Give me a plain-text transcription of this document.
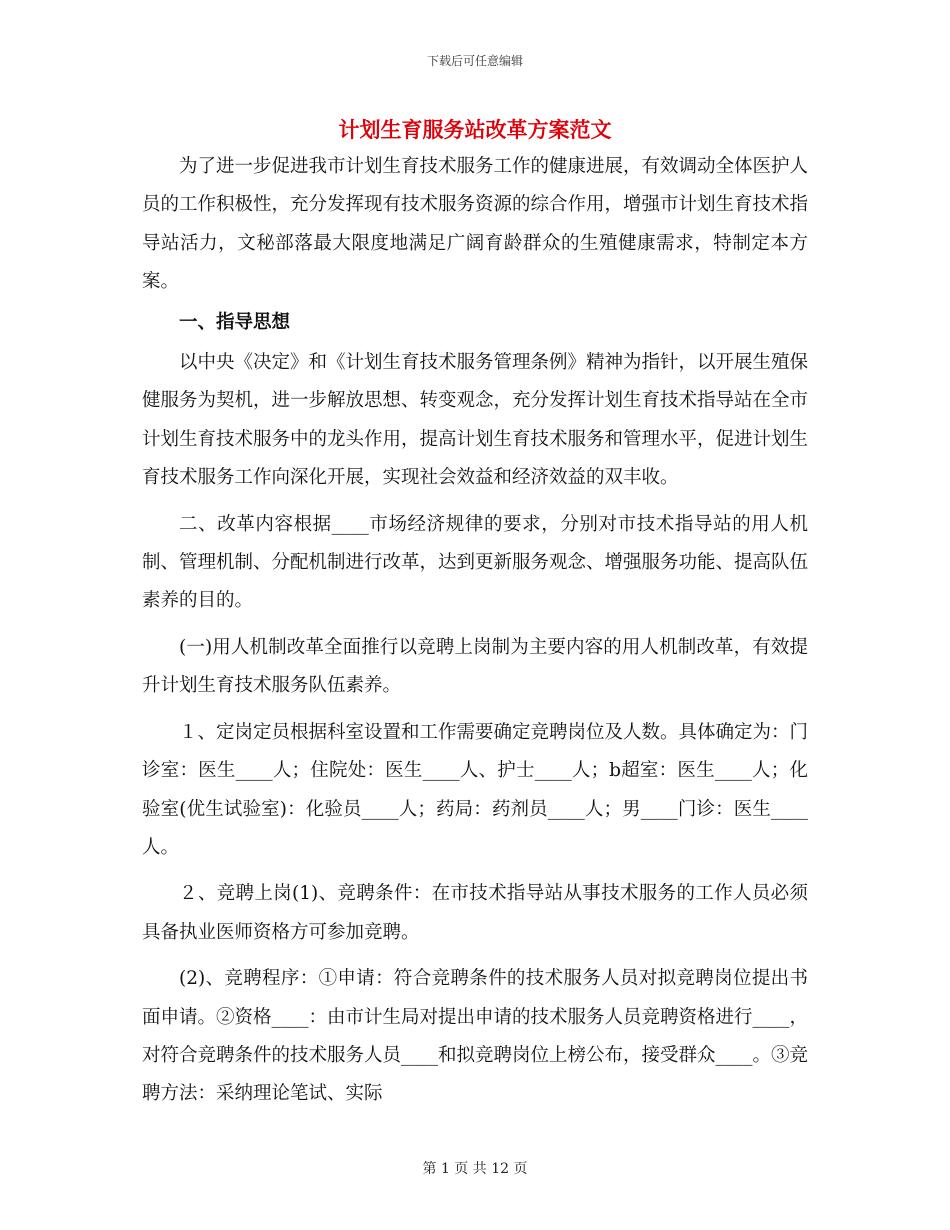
下载后可任意编辑
计划生育服务站改革方案范文

为了进一步促进我市计划生育技术服务工作的健康进展，有效调动全体医护人员的工作积极性，充分发挥现有技术服务资源的综合作用，增强市计划生育技术指导站活力，文秘部落最大限度地满足广阔育龄群众的生殖健康需求，特制定本方案。

一、指导思想

以中央《决定》和《计划生育技术服务管理条例》精神为指针，以开展生殖保健服务为契机，进一步解放思想、转变观念，充分发挥计划生育技术指导站在全市计划生育技术服务中的龙头作用，提高计划生育技术服务和管理水平，促进计划生育技术服务工作向深化开展，实现社会效益和经济效益的双丰收。

二、改革内容根据____市场经济规律的要求，分别对市技术指导站的用人机制、管理机制、分配机制进行改革，达到更新服务观念、增强服务功能、提高队伍素养的目的。

(一)用人机制改革全面推行以竞聘上岗制为主要内容的用人机制改革，有效提升计划生育技术服务队伍素养。

１、定岗定员根据科室设置和工作需要确定竞聘岗位及人数。具体确定为：门诊室：医生____人；住院处：医生____人、护士____人；b超室：医生____人；化验室(优生试验室)：化验员____人；药局：药剂员____人；男____门诊：医生____人。

２、竞聘上岗(1)、竞聘条件：在市技术指导站从事技术服务的工作人员必须具备执业医师资格方可参加竞聘。

(2)、竞聘程序：①申请：符合竞聘条件的技术服务人员对拟竞聘岗位提出书面申请。②资格____：由市计生局对提出申请的技术服务人员竞聘资格进行____，对符合竞聘条件的技术服务人员____和拟竞聘岗位上榜公布，接受群众____。③竞聘方法：采纳理论笔试、实际

第 1 页 共 12 页
